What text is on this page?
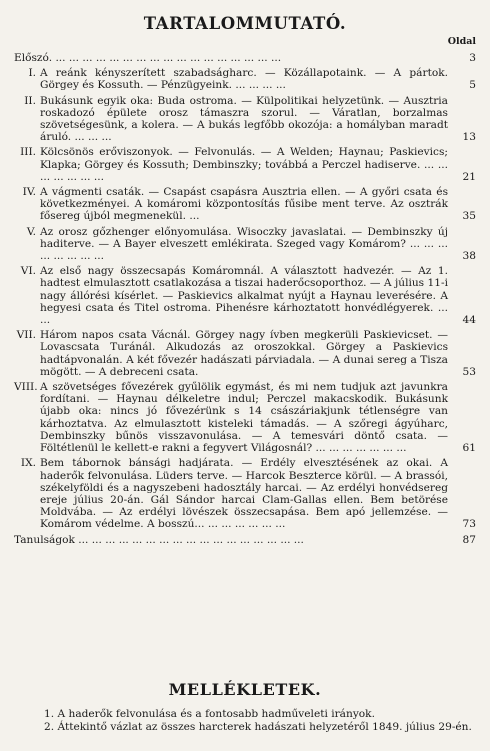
TARTALOMMUTATÓ.
Oldal
Előszó. ... ... ... ... ... ... ... ... ... ... ... ... ... ... ... ... ...	3
I. A reánk kényszerített szabadságharc. — Közállapotaink. — A pártok. Görgey és Kossuth. — Pénzügyeink. ... ... ... ...	5
II. Bukásunk egyik oka: Buda ostroma. — Külpolitikai helyzetünk. — Ausztria roskadozó épülete orosz támaszra szorul. — Váratlan, borzalmas szövetségesünk, a kolera. — A bukás legfőbb okozója: a homályban maradt áruló. ... ... ...	13
III. Kölcsönös erőviszonyok. — Felvonulás. — A Welden; Haynau; Paskievics; Klapka; Görgey és Kossuth; Dembinszky; továbbá a Perczel hadiserve. ... ... ... ... ... ... ...	21
IV. A vágmenti csaták. — Csapást csapásra Ausztria ellen. — A győri csata és következményei. A komáromi központosítás fűsibe ment terve. Az osztrák fősereg újból megmenekül. ...	35
V. Az orosz gőzhenger előnyomulása. Wisoczky javaslatai. — Dembinszky új haditerve. — A Bayer elveszett emlékirata. Szeged vagy Komárom? ... ... ... ... ... ... ... ...	38
VI. Az első nagy összecsapás Komáromnál. A választott hadvezér. — Az 1. hadtest elmulasztott csatlakozása a tiszai haderőcsoporthoz. — A július 11-i nagy állórési kísérlet. — Paskievics alkalmat nyújt a Haynau leverésére. A hegyesi csata és Titel ostroma. Pihenésre kárhoztatott honvédlégyerek. ... ...	44
VII. Három napos csata Vácnál. Görgey nagy ívben megkerüli Paskievicset. — Lovascsata Turánál. Alkudozás az oroszokkal. Görgey a Paskievics hadtápvonalán. A két fővezér hadászati párviadala. — A dunai sereg a Tisza mögött. — A debreceni csata.	53
VIII. A szövetséges fővezérek gyűlölik egymást, és mi nem tudjuk azt javunkra fordítani. — Haynau délkeletre indul; Perczel makacskodik. Bukásunk újabb oka: nincs jó fővezérünk s 14 császáriakjunk tétlenségre van kárhoztatva. Az elmulasztott kisteleki támadás. — A szőregi ágyúharc, Dembinszky bűnös visszavonulása. — A temesvári döntő csata. — Föltétlenül le kellett-e rakni a fegyvert Világosnál? ... ... ... ... ... ... ...	61
IX. Bem tábornok bánsági hadjárata. — Erdély elvesztésének az okai. A haderők felvonulása. Lüders terve. — Harcok Beszterce körül. — A brassói, székelyföldi és a nagyszebeni hadosztály harcai. — Az erdélyi honvédsereg ereje július 20-án. Gál Sándor harcai Clam-Gallas ellen. Bem betörése Moldvába. — Az erdélyi lövészek összecsapása. Bem apó jellemzése. — Komárom védelme. A bosszú... ... ... ... ... ... ...	73
Tanulságok ... ... ... ... ... ... ... ... ... ... ... ... ... ... ... ... ...	87
MELLÉKLETEK.
1. A haderők felvonulása és a fontosabb hadműveleti irányok.
2. Áttekintő vázlat az összes harcterek hadászati helyzetéről 1849. július 29-én.
